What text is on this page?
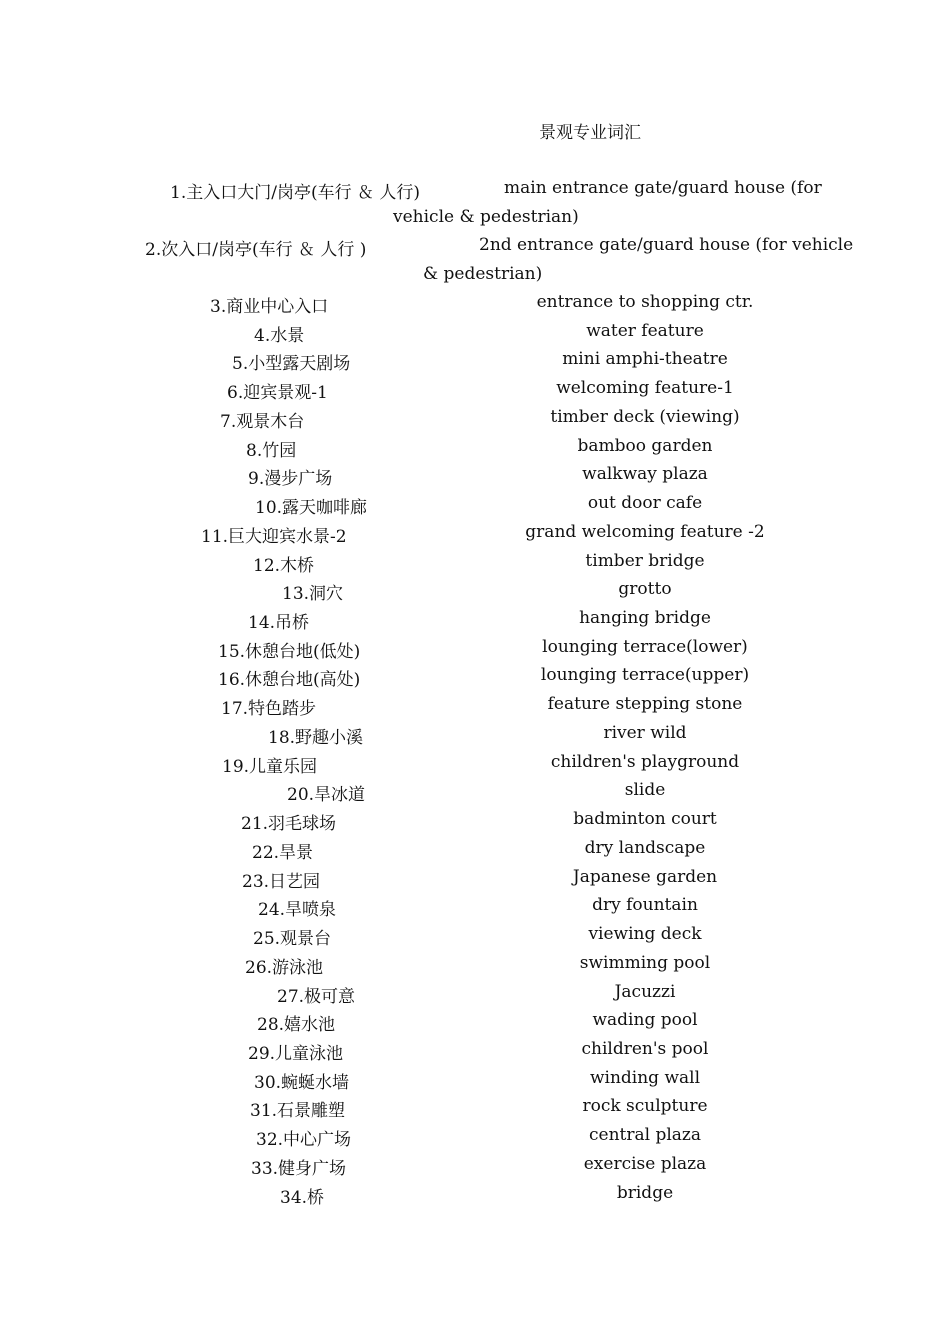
景观专业词汇
1.主入口大门/岗亭(车行 ＆ 人行)	main entrance gate/guard house (for
vehicle & pedestrian)
2.次入口/岗亭(车行 ＆ 人行 )	2nd entrance gate/guard house (for vehicle
& pedestrian)
3.商业中心入口	entrance to shopping ctr.
4.水景	water feature
5.小型露天剧场	mini amphi-theatre
6.迎宾景观-1	welcoming feature-1
7.观景木台	timber deck (viewing)
8.竹园	bamboo garden
9.漫步广场	walkway plaza
10.露天咖啡廊	out door cafe
11.巨大迎宾水景-2	grand welcoming feature -2
12.木桥	timber bridge
13.洞穴	grotto
14.吊桥	hanging bridge
15.休憩台地(低处)	lounging terrace(lower)
16.休憩台地(高处)	lounging terrace(upper)
17.特色踏步	feature stepping stone
18.野趣小溪	river wild
19.儿童乐园	children's playground
20.旱冰道	slide
21.羽毛球场	badminton court
22.旱景	dry landscape
23.日艺园	Japanese garden
24.旱喷泉	dry fountain
25.观景台	viewing deck
26.游泳池	swimming pool
27.极可意	Jacuzzi
28.嬉水池	wading pool
29.儿童泳池	children's pool
30.蜿蜒水墙	winding wall
31.石景雕塑	rock sculpture
32.中心广场	central plaza
33.健身广场	exercise plaza
34.桥	bridge
